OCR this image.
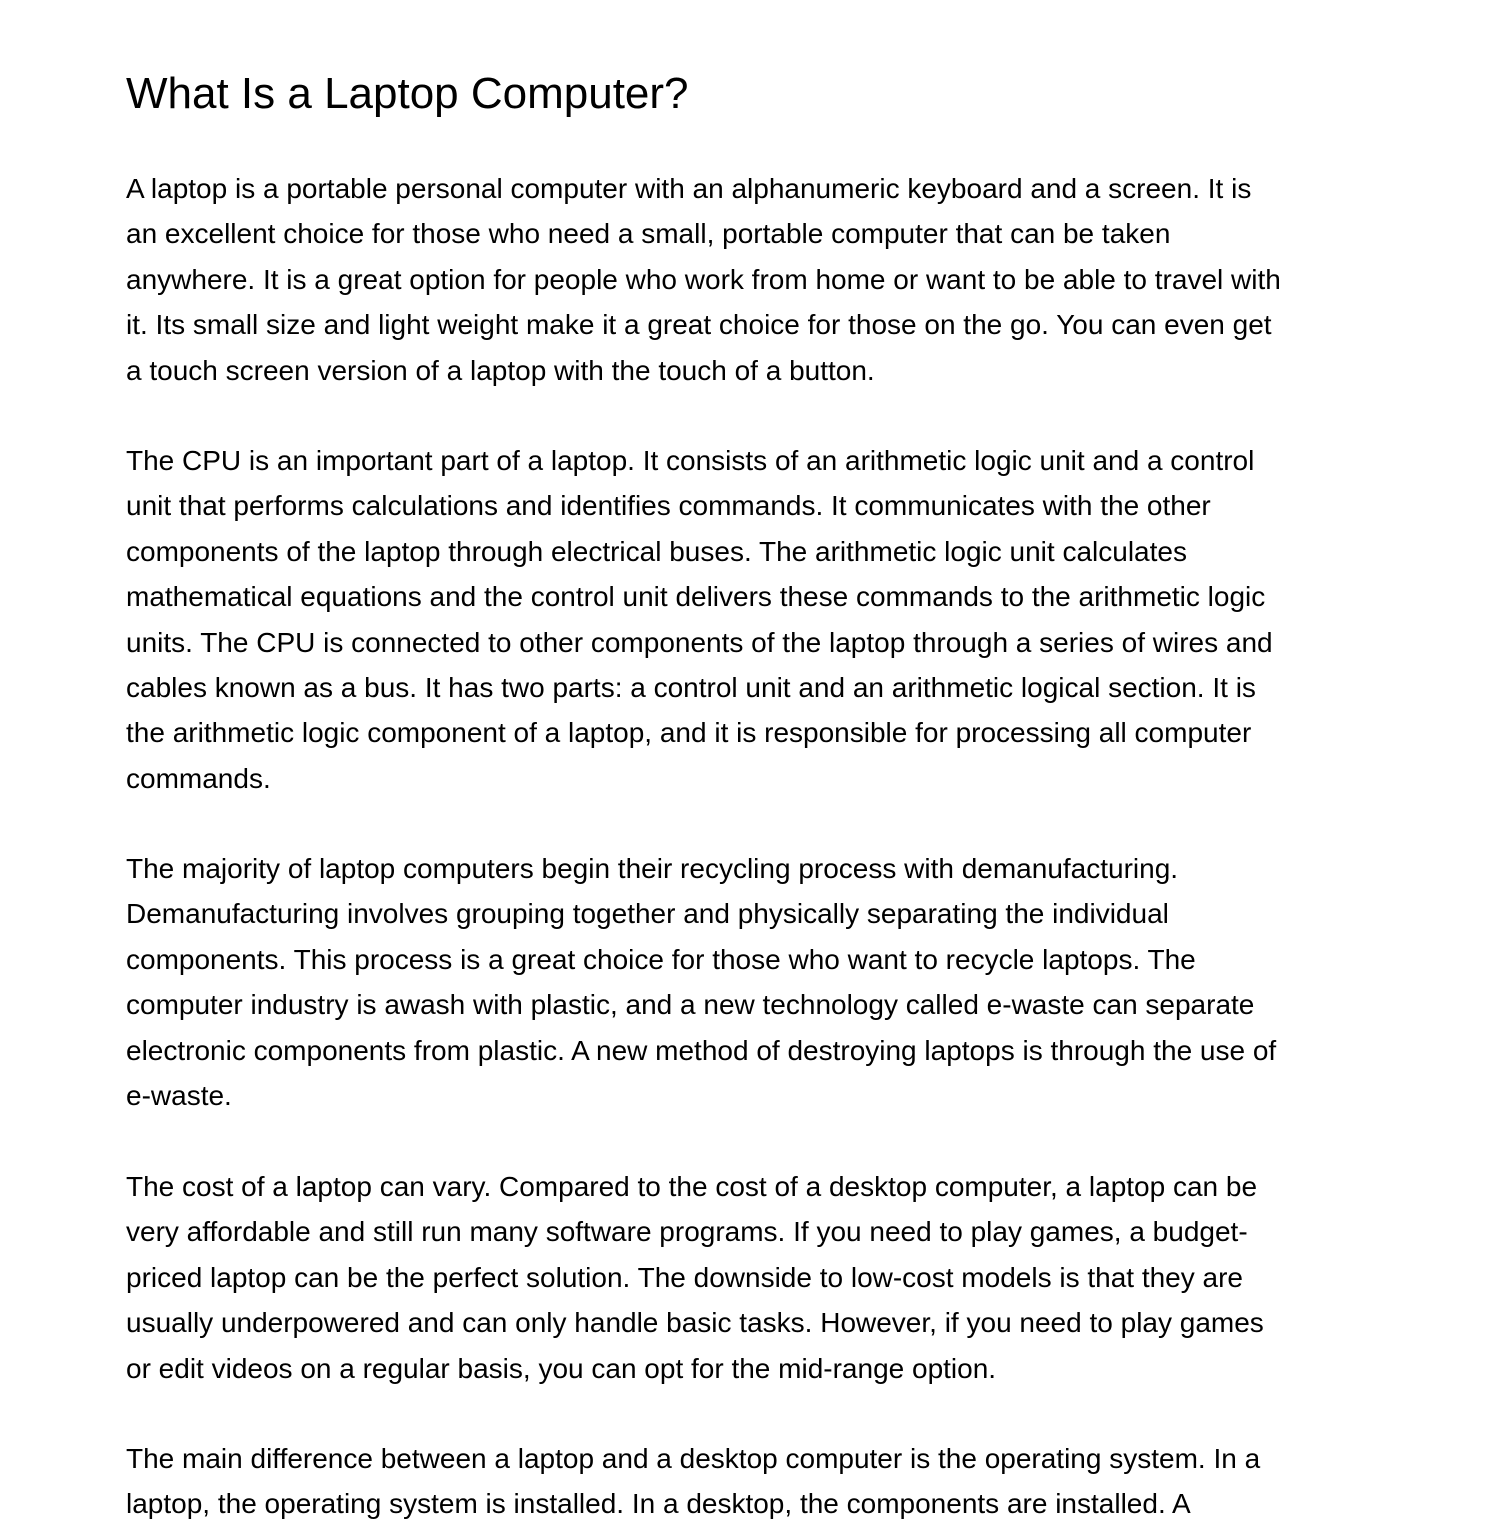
What Is a Laptop Computer?

A laptop is a portable personal computer with an alphanumeric keyboard and a screen. It is
an excellent choice for those who need a small, portable computer that can be taken
anywhere. It is a great option for people who work from home or want to be able to travel with
it. Its small size and light weight make it a great choice for those on the go. You can even get
a touch screen version of a laptop with the touch of a button.

The CPU is an important part of a laptop. It consists of an arithmetic logic unit and a control
unit that performs calculations and identifies commands. It communicates with the other
components of the laptop through electrical buses. The arithmetic logic unit calculates
mathematical equations and the control unit delivers these commands to the arithmetic logic
units. The CPU is connected to other components of the laptop through a series of wires and
cables known as a bus. It has two parts: a control unit and an arithmetic logical section. It is
the arithmetic logic component of a laptop, and it is responsible for processing all computer
commands.

The majority of laptop computers begin their recycling process with demanufacturing.
Demanufacturing involves grouping together and physically separating the individual
components. This process is a great choice for those who want to recycle laptops. The
computer industry is awash with plastic, and a new technology called e-waste can separate
electronic components from plastic. A new method of destroying laptops is through the use of
e-waste.

The cost of a laptop can vary. Compared to the cost of a desktop computer, a laptop can be
very affordable and still run many software programs. If you need to play games, a budget-
priced laptop can be the perfect solution. The downside to low-cost models is that they are
usually underpowered and can only handle basic tasks. However, if you need to play games
or edit videos on a regular basis, you can opt for the mid-range option.

The main difference between a laptop and a desktop computer is the operating system. In a
laptop, the operating system is installed. In a desktop, the components are installed. A
